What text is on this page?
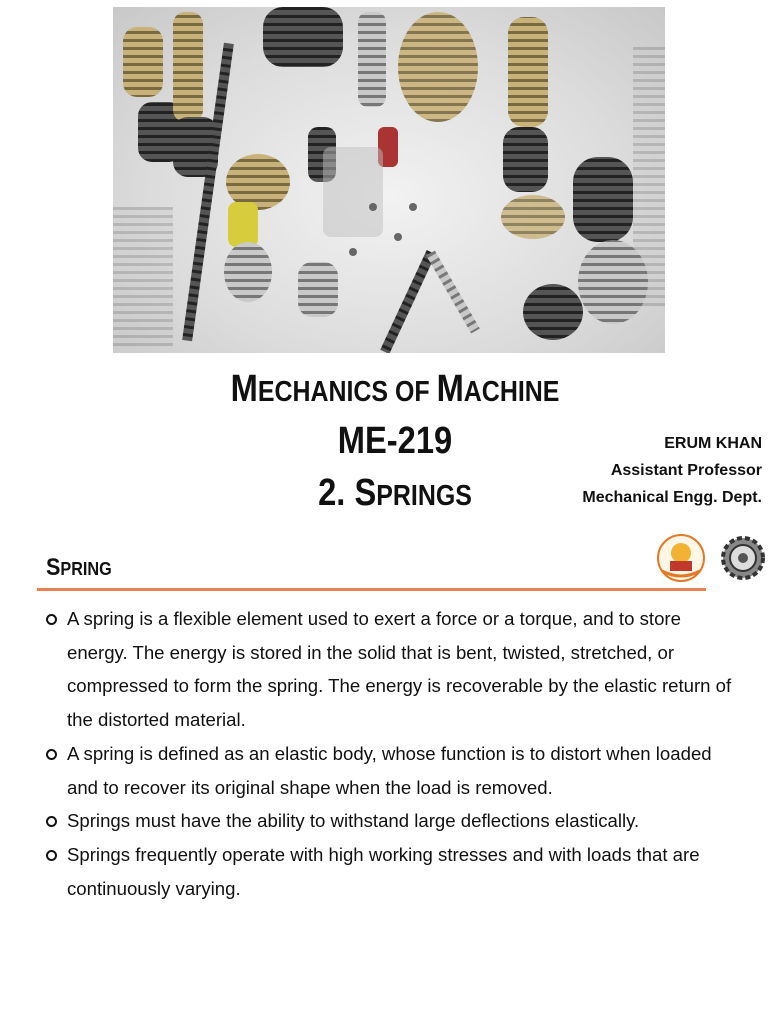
MECHANICS OF MACHINE
ME-219
2. SPRINGS
ERUM KHAN
Assistant Professor
Mechanical Engg. Dept.
SPRING
A spring is a flexible element used to exert a force or a torque, and to store energy. The energy is stored in the solid that is bent, twisted, stretched, or compressed to form the spring. The energy is recoverable by the elastic return of the distorted material.
A spring is defined as an elastic body, whose function is to distort when loaded and to recover its original shape when the load is removed.
Springs must have the ability to withstand large deflections elastically.
Springs frequently operate with high working stresses and with loads that are continuously varying.
